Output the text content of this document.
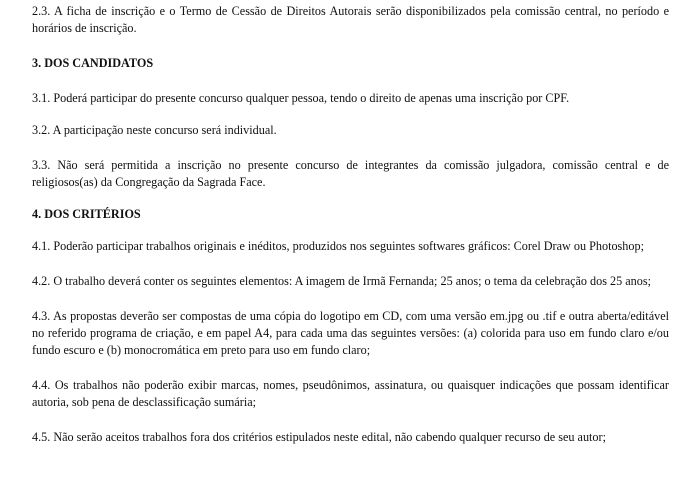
2.3. A ficha de inscrição e o Termo de Cessão de Direitos Autorais serão disponibilizados pela comissão central, no período e horários de inscrição.

3. DOS CANDIDATOS

3.1. Poderá participar do presente concurso qualquer pessoa, tendo o direito de apenas uma inscrição por CPF.

3.2. A participação neste concurso será individual.

3.3. Não será permitida a inscrição no presente concurso de integrantes da comissão julgadora, comissão central e de religiosos(as) da Congregação da Sagrada Face.

4. DOS CRITÉRIOS

4.1. Poderão participar trabalhos originais e inéditos, produzidos nos seguintes softwares gráficos: Corel Draw ou Photoshop;

4.2. O trabalho deverá conter os seguintes elementos: A imagem de Irmã Fernanda; 25 anos; o tema da celebração dos 25 anos;

4.3. As propostas deverão ser compostas de uma cópia do logotipo em CD, com uma versão em.jpg ou .tif e outra aberta/editável no referido programa de criação, e em papel A4, para cada uma das seguintes versões: (a) colorida para uso em fundo claro e/ou fundo escuro e (b) monocromática em preto para uso em fundo claro;

4.4. Os trabalhos não poderão exibir marcas, nomes, pseudônimos, assinatura, ou quaisquer indicações que possam identificar autoria, sob pena de desclassificação sumária;

4.5. Não serão aceitos trabalhos fora dos critérios estipulados neste edital, não cabendo qualquer recurso de seu autor;
